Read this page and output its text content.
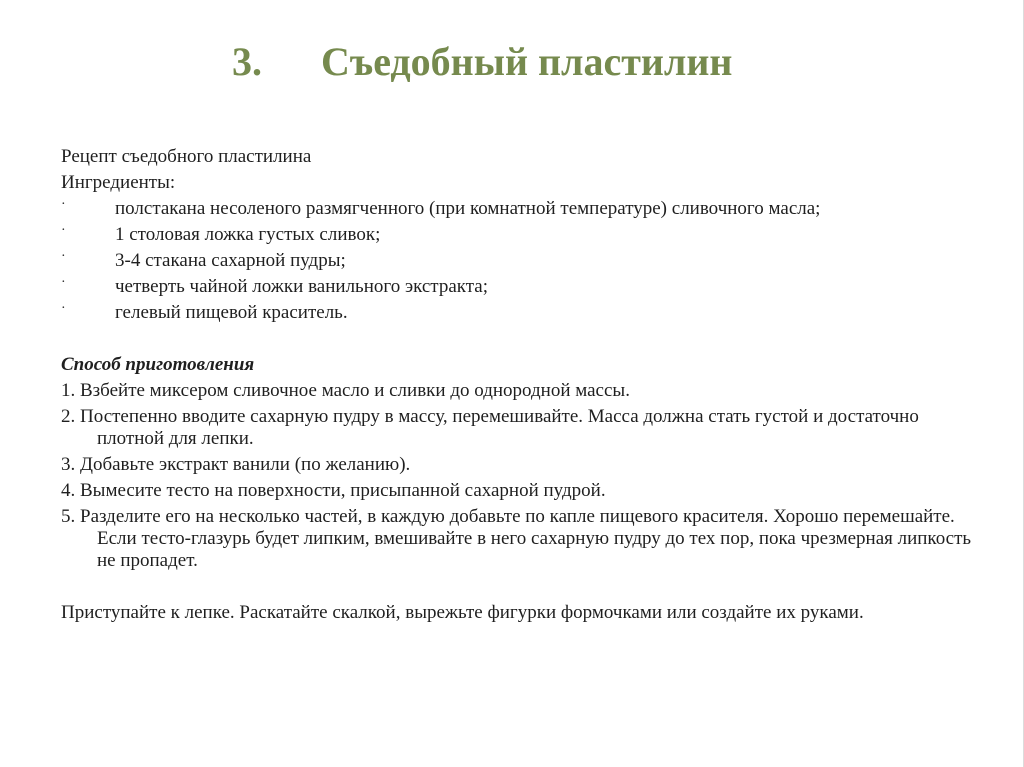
3. Съедобный пластилин

Рецепт съедобного пластилина

Ингредиенты:

·	полстакана несоленого размягченного (при комнатной температуре) сливочного масла;
·	1 столовая ложка густых сливок;
·	3-4 стакана сахарной пудры;
·	четверть чайной ложки ванильного экстракта;
·	гелевый пищевой краситель.

Способ приготовления

1. Взбейте миксером сливочное масло и сливки до однородной массы.
2. Постепенно вводите сахарную пудру в массу, перемешивайте. Масса должна стать густой и достаточно плотной для лепки.
3. Добавьте экстракт ванили (по желанию).
4. Вымесите тесто на поверхности, присыпанной сахарной пудрой.
5. Разделите его на несколько частей, в каждую добавьте по капле пищевого красителя. Хорошо перемешайте. Если тесто-глазурь будет липким, вмешивайте в него сахарную пудру до тех пор, пока чрезмерная липкость не пропадет.

Приступайте к лепке. Раскатайте скалкой, вырежьте фигурки формочками или создайте их руками.
